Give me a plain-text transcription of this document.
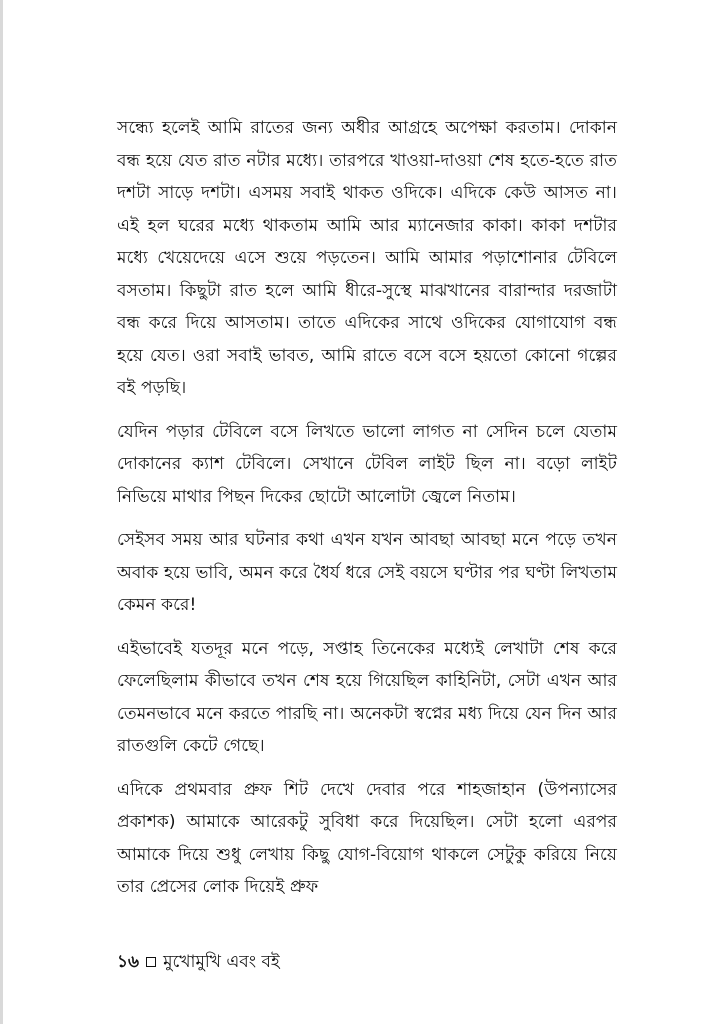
সন্ধ্যে হলেই আমি রাতের জন্য অধীর আগ্রহে অপেক্ষা করতাম। দোকান বন্ধ হয়ে যেত রাত নটার মধ্যে। তারপরে খাওয়া-দাওয়া শেষ হতে-হতে রাত দশটা সাড়ে দশটা। এসময় সবাই থাকত ওদিকে। এদিকে কেউ আসত না। এই হল ঘরের মধ্যে থাকতাম আমি আর ম্যানেজার কাকা। কাকা দশটার মধ্যে খেয়েদেয়ে এসে শুয়ে পড়তেন। আমি আমার পড়াশোনার টেবিলে বসতাম। কিছুটা রাত হলে আমি ধীরে-সুস্থে মাঝখানের বারান্দার দরজাটা বন্ধ করে দিয়ে আসতাম। তাতে এদিকের সাথে ওদিকের যোগাযোগ বন্ধ হয়ে যেত। ওরা সবাই ভাবত, আমি রাতে বসে বসে হয়তো কোনো গল্পের বই পড়ছি।

যেদিন পড়ার টেবিলে বসে লিখতে ভালো লাগত না সেদিন চলে যেতাম দোকানের ক্যাশ টেবিলে। সেখানে টেবিল লাইট ছিল না। বড়ো লাইট নিভিয়ে মাথার পিছন দিকের ছোটো আলোটা জ্বেলে নিতাম।

সেইসব সময় আর ঘটনার কথা এখন যখন আবছা আবছা মনে পড়ে তখন অবাক হয়ে ভাবি, অমন করে ধৈর্য ধরে সেই বয়সে ঘণ্টার পর ঘণ্টা লিখতাম কেমন করে!

এইভাবেই যতদূর মনে পড়ে, সপ্তাহ তিনেকের মধ্যেই লেখাটা শেষ করে ফেলেছিলাম কীভাবে তখন শেষ হয়ে গিয়েছিল কাহিনিটা, সেটা এখন আর তেমনভাবে মনে করতে পারছি না। অনেকটা স্বপ্নের মধ্য দিয়ে যেন দিন আর রাতগুলি কেটে গেছে।

এদিকে প্রথমবার প্রুফ শিট দেখে দেবার পরে শাহজাহান (উপন্যাসের প্রকাশক) আমাকে আরেকটু সুবিধা করে দিয়েছিল। সেটা হলো এরপর আমাকে দিয়ে শুধু লেখায় কিছু যোগ-বিয়োগ থাকলে সেটুকু করিয়ে নিয়ে তার প্রেসের লোক দিয়েই প্রুফ

১৬ মুখোমুখি এবং বই
